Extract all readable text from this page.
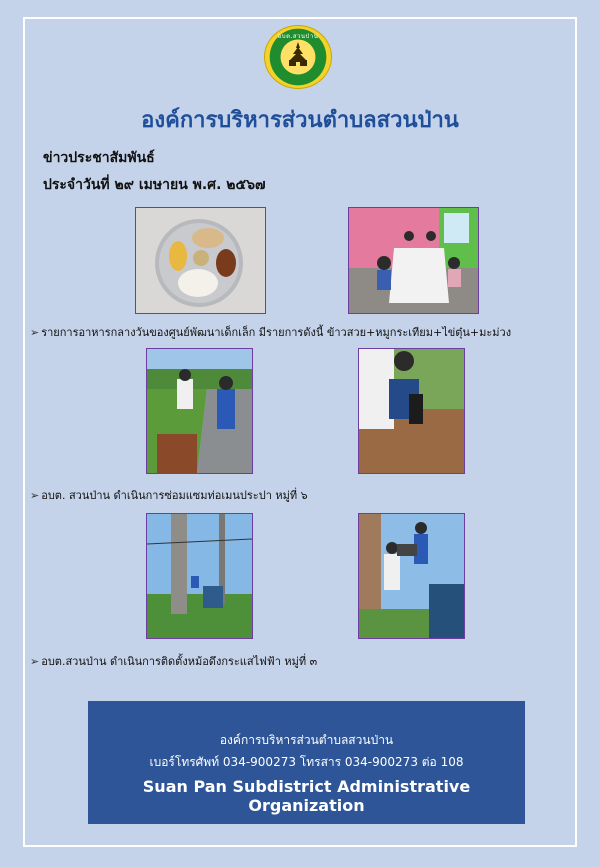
อบต.สวนป่าน
องค์การบริหารส่วนตำบลสวนป่าน
ข่าวประชาสัมพันธ์
ประจำวันที่ ๒๙ เมษายน พ.ศ. ๒๕๖๗
➢ รายการอาหารกลางวันของศูนย์พัฒนาเด็กเล็ก มีรายการดังนี้ ข้าวสวย+หมูกระเทียม+ไข่ตุ๋น+มะม่วง
➢ อบต. สวนป่าน ดำเนินการซ่อมแซมท่อเมนประปา หมู่ที่ ๖
➢ อบต.สวนป่าน ดำเนินการติดตั้งหม้อดึงกระแสไฟฟ้า หมู่ที่ ๓
องค์การบริหารส่วนตำบลสวนป่าน
เบอร์โทรศัพท์ 034-900273 โทรสาร 034-900273 ต่อ 108
Suan Pan Subdistrict Administrative Organization
